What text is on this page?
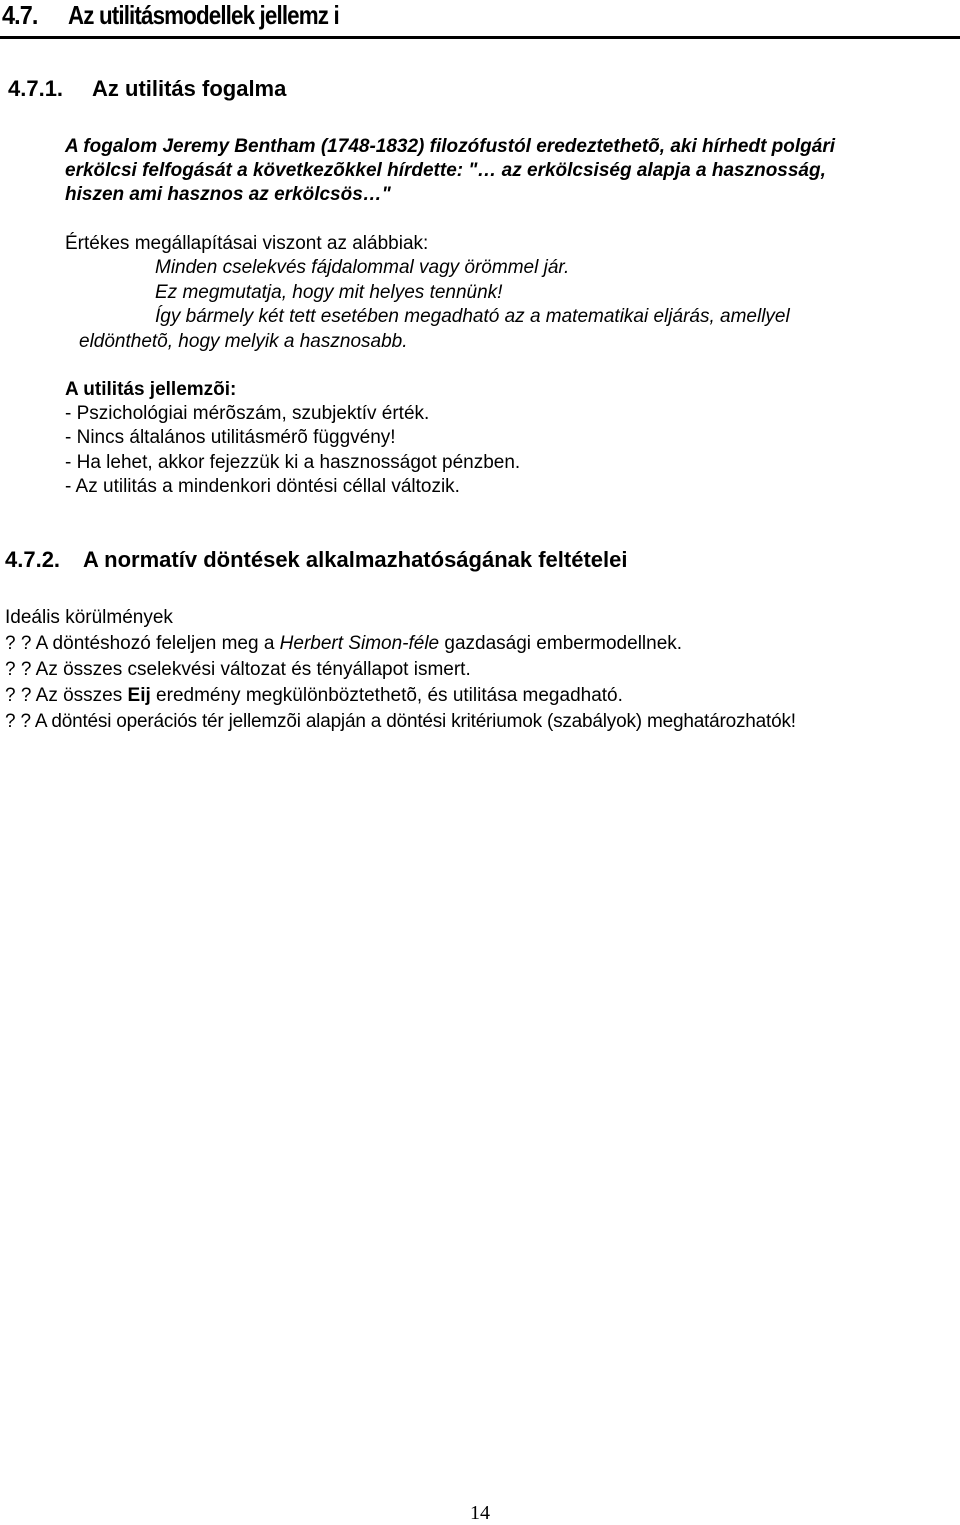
4.7. Az utilitásmodellek jellemz i
4.7.1. Az utilitás fogalma
A fogalom Jeremy Bentham (1748-1832) filozófustól eredeztethetõ, aki hírhedt polgári
erkölcsi felfogását a következõkkel hírdette: "… az erkölcsiség alapja a hasznosság,
hiszen ami hasznos az erkölcsös…"
Értékes megállapításai viszont az alábbiak:
Minden cselekvés fájdalommal vagy örömmel jár.
Ez megmutatja, hogy mit helyes tennünk!
Így bármely két tett esetében megadható az a matematikai eljárás, amellyel
eldönthetõ, hogy melyik a hasznosabb.
A utilitás jellemzõi:
- Pszichológiai mérõszám, szubjektív érték.
- Nincs általános utilitásmérõ függvény!
- Ha lehet, akkor fejezzük ki a hasznosságot pénzben.
- Az utilitás a mindenkori döntési céllal változik.
4.7.2. A normatív döntések alkalmazhatóságának feltételei
Ideális körülmények
? ? A döntéshozó feleljen meg a Herbert Simon-féle gazdasági embermodellnek.
? ? Az összes cselekvési változat és tényállapot ismert.
? ? Az összes Eij eredmény megkülönböztethetõ, és utilitása megadható.
? ? A döntési operációs tér jellemzõi alapján a döntési kritériumok (szabályok) meghatározhatók!
14
